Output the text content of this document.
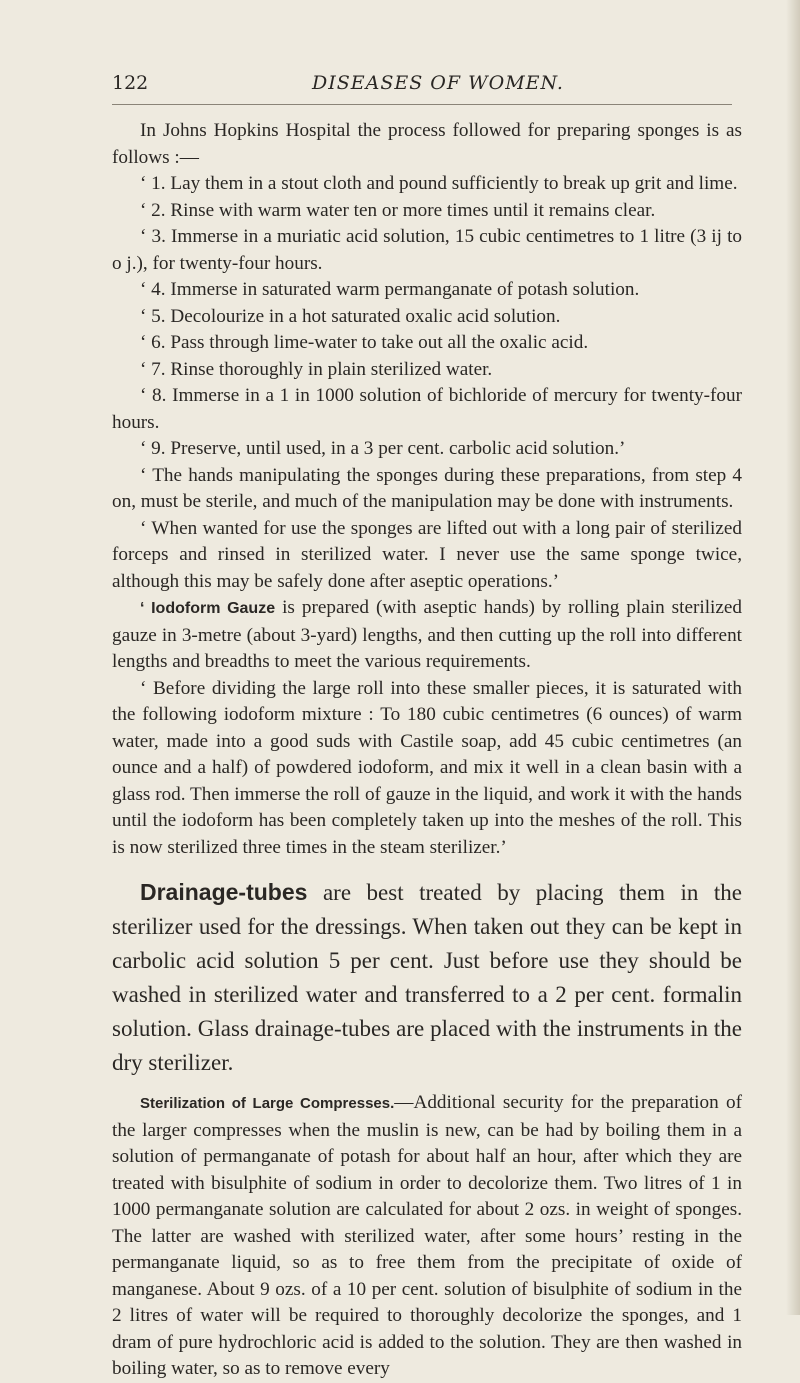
122	DISEASES OF WOMEN.

In Johns Hopkins Hospital the process followed for preparing sponges is as follows :—

‘ 1. Lay them in a stout cloth and pound sufficiently to break up grit and lime.

‘ 2. Rinse with warm water ten or more times until it remains clear.

‘ 3. Immerse in a muriatic acid solution, 15 cubic centimetres to 1 litre (3 ij to o j.), for twenty-four hours.

‘ 4. Immerse in saturated warm permanganate of potash solution.

‘ 5. Decolourize in a hot saturated oxalic acid solution.

‘ 6. Pass through lime-water to take out all the oxalic acid.

‘ 7. Rinse thoroughly in plain sterilized water.

‘ 8. Immerse in a 1 in 1000 solution of bichloride of mercury for twenty-four hours.

‘ 9. Preserve, until used, in a 3 per cent. carbolic acid solution.’

‘ The hands manipulating the sponges during these preparations, from step 4 on, must be sterile, and much of the manipulation may be done with instruments.

‘ When wanted for use the sponges are lifted out with a long pair of sterilized forceps and rinsed in sterilized water. I never use the same sponge twice, although this may be safely done after aseptic operations.’

‘ Iodoform Gauze is prepared (with aseptic hands) by rolling plain sterilized gauze in 3-metre (about 3-yard) lengths, and then cutting up the roll into different lengths and breadths to meet the various requirements.

‘ Before dividing the large roll into these smaller pieces, it is saturated with the following iodoform mixture : To 180 cubic centimetres (6 ounces) of warm water, made into a good suds with Castile soap, add 45 cubic centimetres (an ounce and a half) of powdered iodoform, and mix it well in a clean basin with a glass rod. Then immerse the roll of gauze in the liquid, and work it with the hands until the iodoform has been completely taken up into the meshes of the roll. This is now sterilized three times in the steam sterilizer.’

Drainage-tubes are best treated by placing them in the sterilizer used for the dressings. When taken out they can be kept in carbolic acid solution 5 per cent. Just before use they should be washed in sterilized water and transferred to a 2 per cent. formalin solution. Glass drainage-tubes are placed with the instruments in the dry sterilizer.

Sterilization of Large Compresses.—Additional security for the preparation of the larger compresses when the muslin is new, can be had by boiling them in a solution of permanganate of potash for about half an hour, after which they are treated with bisulphite of sodium in order to decolorize them. Two litres of 1 in 1000 permanganate solution are calculated for about 2 ozs. in weight of sponges. The latter are washed with sterilized water, after some hours’ resting in the permanganate liquid, so as to free them from the precipitate of oxide of manganese. About 9 ozs. of a 10 per cent. solution of bisulphite of sodium in the 2 litres of water will be required to thoroughly decolorize the sponges, and 1 dram of pure hydrochloric acid is added to the solution. They are then washed in boiling water, so as to remove every
